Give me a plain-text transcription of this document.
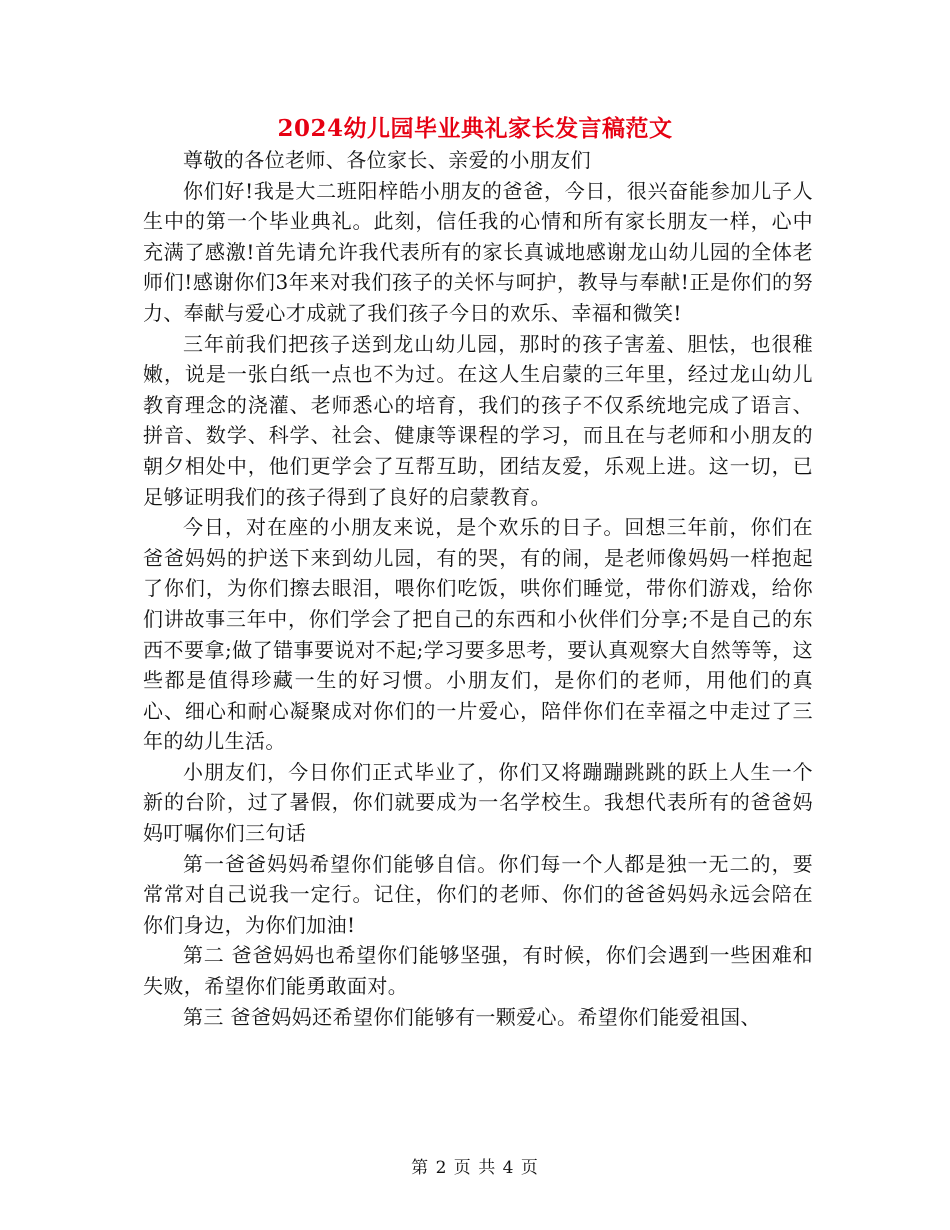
2024幼儿园毕业典礼家长发言稿范文

尊敬的各位老师、各位家长、亲爱的小朋友们

你们好!我是大二班阳梓皓小朋友的爸爸，今日，很兴奋能参加儿子人生中的第一个毕业典礼。此刻，信任我的心情和所有家长朋友一样，心中充满了感激!首先请允许我代表所有的家长真诚地感谢龙山幼儿园的全体老师们!感谢你们3年来对我们孩子的关怀与呵护，教导与奉献!正是你们的努力、奉献与爱心才成就了我们孩子今日的欢乐、幸福和微笑!

三年前我们把孩子送到龙山幼儿园，那时的孩子害羞、胆怯，也很稚嫩，说是一张白纸一点也不为过。在这人生启蒙的三年里，经过龙山幼儿教育理念的浇灌、老师悉心的培育，我们的孩子不仅系统地完成了语言、拼音、数学、科学、社会、健康等课程的学习，而且在与老师和小朋友的朝夕相处中，他们更学会了互帮互助，团结友爱，乐观上进。这一切，已足够证明我们的孩子得到了良好的启蒙教育。

今日，对在座的小朋友来说，是个欢乐的日子。回想三年前，你们在爸爸妈妈的护送下来到幼儿园，有的哭，有的闹，是老师像妈妈一样抱起了你们，为你们擦去眼泪，喂你们吃饭，哄你们睡觉，带你们游戏，给你们讲故事三年中，你们学会了把自己的东西和小伙伴们分享;不是自己的东西不要拿;做了错事要说对不起;学习要多思考，要认真观察大自然等等，这些都是值得珍藏一生的好习惯。小朋友们，是你们的老师，用他们的真心、细心和耐心凝聚成对你们的一片爱心，陪伴你们在幸福之中走过了三年的幼儿生活。

小朋友们，今日你们正式毕业了，你们又将蹦蹦跳跳的跃上人生一个新的台阶，过了暑假，你们就要成为一名学校生。我想代表所有的爸爸妈妈叮嘱你们三句话

第一爸爸妈妈希望你们能够自信。你们每一个人都是独一无二的，要常常对自己说我一定行。记住，你们的老师、你们的爸爸妈妈永远会陪在你们身边，为你们加油!

第二 爸爸妈妈也希望你们能够坚强，有时候，你们会遇到一些困难和失败，希望你们能勇敢面对。

第三 爸爸妈妈还希望你们能够有一颗爱心。希望你们能爱祖国、

第 2 页 共 4 页
